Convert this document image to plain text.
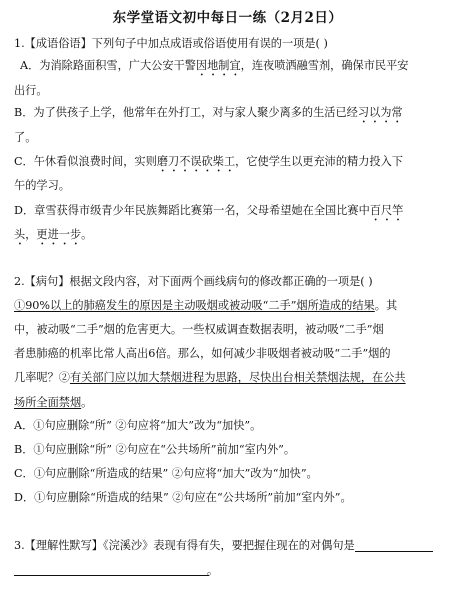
东学堂语文初中每日一练（2月2日）
1.【成语俗语】下列句子中加点成语或俗语使用有误的一项是( )
A．为消除路面积雪，广大公安干警因地制宜，连夜喷洒融雪剂，确保市民平安
出行。
B．为了供孩子上学，他常年在外打工，对与家人聚少离多的生活已经习以为常
了。
C．午休看似浪费时间，实则磨刀不误砍柴工，它使学生以更充沛的精力投入下
午的学习。
D．章雪获得市级青少年民族舞蹈比赛第一名，父母希望她在全国比赛中百尺竿
头，更进一步。
2.【病句】根据文段内容，对下面两个画线病句的修改都正确的一项是( )
①90%以上的肺癌发生的原因是主动吸烟或被动吸“二手”烟所造成的结果。其
中，被动吸“二手”烟的危害更大。一些权威调查数据表明，被动吸“二手”烟
者患肺癌的机率比常人高出6倍。那么，如何减少非吸烟者被动吸“二手”烟的
几率呢？②有关部门应以加大禁烟进程为思路，尽快出台相关禁烟法规，在公共
场所全面禁烟。
A．①句应删除“所” ②句应将“加大”改为“加快”。
B．①句应删除“所” ②句应在“公共场所”前加“室内外”。
C．①句应删除“所造成的结果” ②句应将“加大”改为“加快”。
D．①句应删除“所造成的结果” ②句应在“公共场所”前加“室内外”。
3.【理解性默写】《浣溪沙》表现有得有失，要把握住现在的对偶句是
。
